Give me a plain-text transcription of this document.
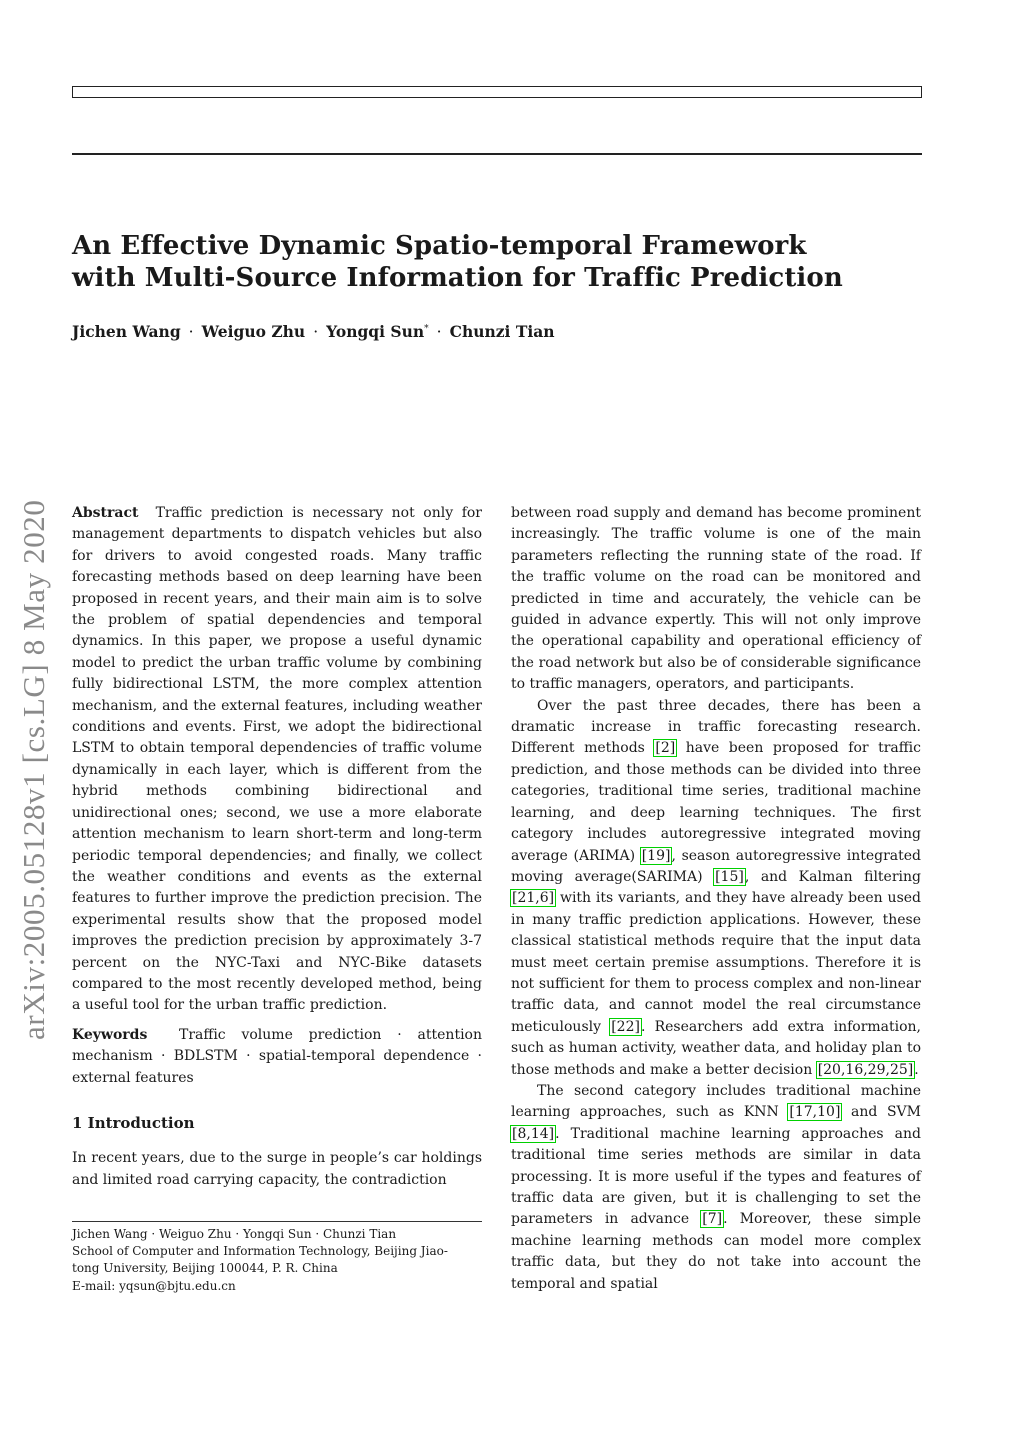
An Effective Dynamic Spatio-temporal Framework
with Multi-Source Information for Traffic Prediction
Jichen Wang · Weiguo Zhu · Yongqi Sun* · Chunzi Tian
arXiv:2005.05128v1 [cs.LG] 8 May 2020 Abstract Traffic prediction is necessary not only for management departments to dispatch vehicles but also for drivers to avoid congested roads. Many traffic forecasting methods based on deep learning have been proposed in recent years, and their main aim is to solve the problem of spatial dependencies and temporal dynamics. In this paper, we propose a useful dynamic model to predict the urban traffic volume by combining fully bidirectional LSTM, the more complex attention mechanism, and the external features, including weather conditions and events. First, we adopt the bidirectional LSTM to obtain temporal dependencies of traffic volume dynamically in each layer, which is different from the hybrid methods combining bidirectional and unidirectional ones; second, we use a more elaborate attention mechanism to learn short-term and long-term periodic temporal dependencies; and finally, we collect the weather conditions and events as the external features to further improve the prediction precision. The experimental results show that the proposed model improves the prediction precision by approximately 3-7 percent on the NYC-Taxi and NYC-Bike datasets compared to the most recently developed method, being a useful tool for the urban traffic prediction.

Keywords Traffic volume prediction · attention mechanism · BDLSTM · spatial-temporal dependence · external features

1 Introduction

In recent years, due to the surge in people’s car holdings and limited road carrying capacity, the contradiction

Jichen Wang · Weiguo Zhu · Yongqi Sun · Chunzi Tian
School of Computer and Information Technology, Beijing Jiao-
tong University, Beijing 100044, P. R. China
E-mail: yqsun@bjtu.edu.cn

between road supply and demand has become prominent increasingly. The traffic volume is one of the main parameters reflecting the running state of the road. If the traffic volume on the road can be monitored and predicted in time and accurately, the vehicle can be guided in advance expertly. This will not only improve the operational capability and operational efficiency of the road network but also be of considerable significance to traffic managers, operators, and participants.

Over the past three decades, there has been a dramatic increase in traffic forecasting research. Different methods [2] have been proposed for traffic prediction, and those methods can be divided into three categories, traditional time series, traditional machine learning, and deep learning techniques. The first category includes autoregressive integrated moving average (ARIMA) [19], season autoregressive integrated moving average(SARIMA) [15], and Kalman filtering [21,6] with its variants, and they have already been used in many traffic prediction applications. However, these classical statistical methods require that the input data must meet certain premise assumptions. Therefore it is not sufficient for them to process complex and non-linear traffic data, and cannot model the real circumstance meticulously [22]. Researchers add extra information, such as human activity, weather data, and holiday plan to those methods and make a better decision [20,16,29,25].

The second category includes traditional machine learning approaches, such as KNN [17,10] and SVM [8,14]. Traditional machine learning approaches and traditional time series methods are similar in data processing. It is more useful if the types and features of traffic data are given, but it is challenging to set the parameters in advance [7]. Moreover, these simple machine learning methods can model more complex traffic data, but they do not take into account the temporal and spatial
